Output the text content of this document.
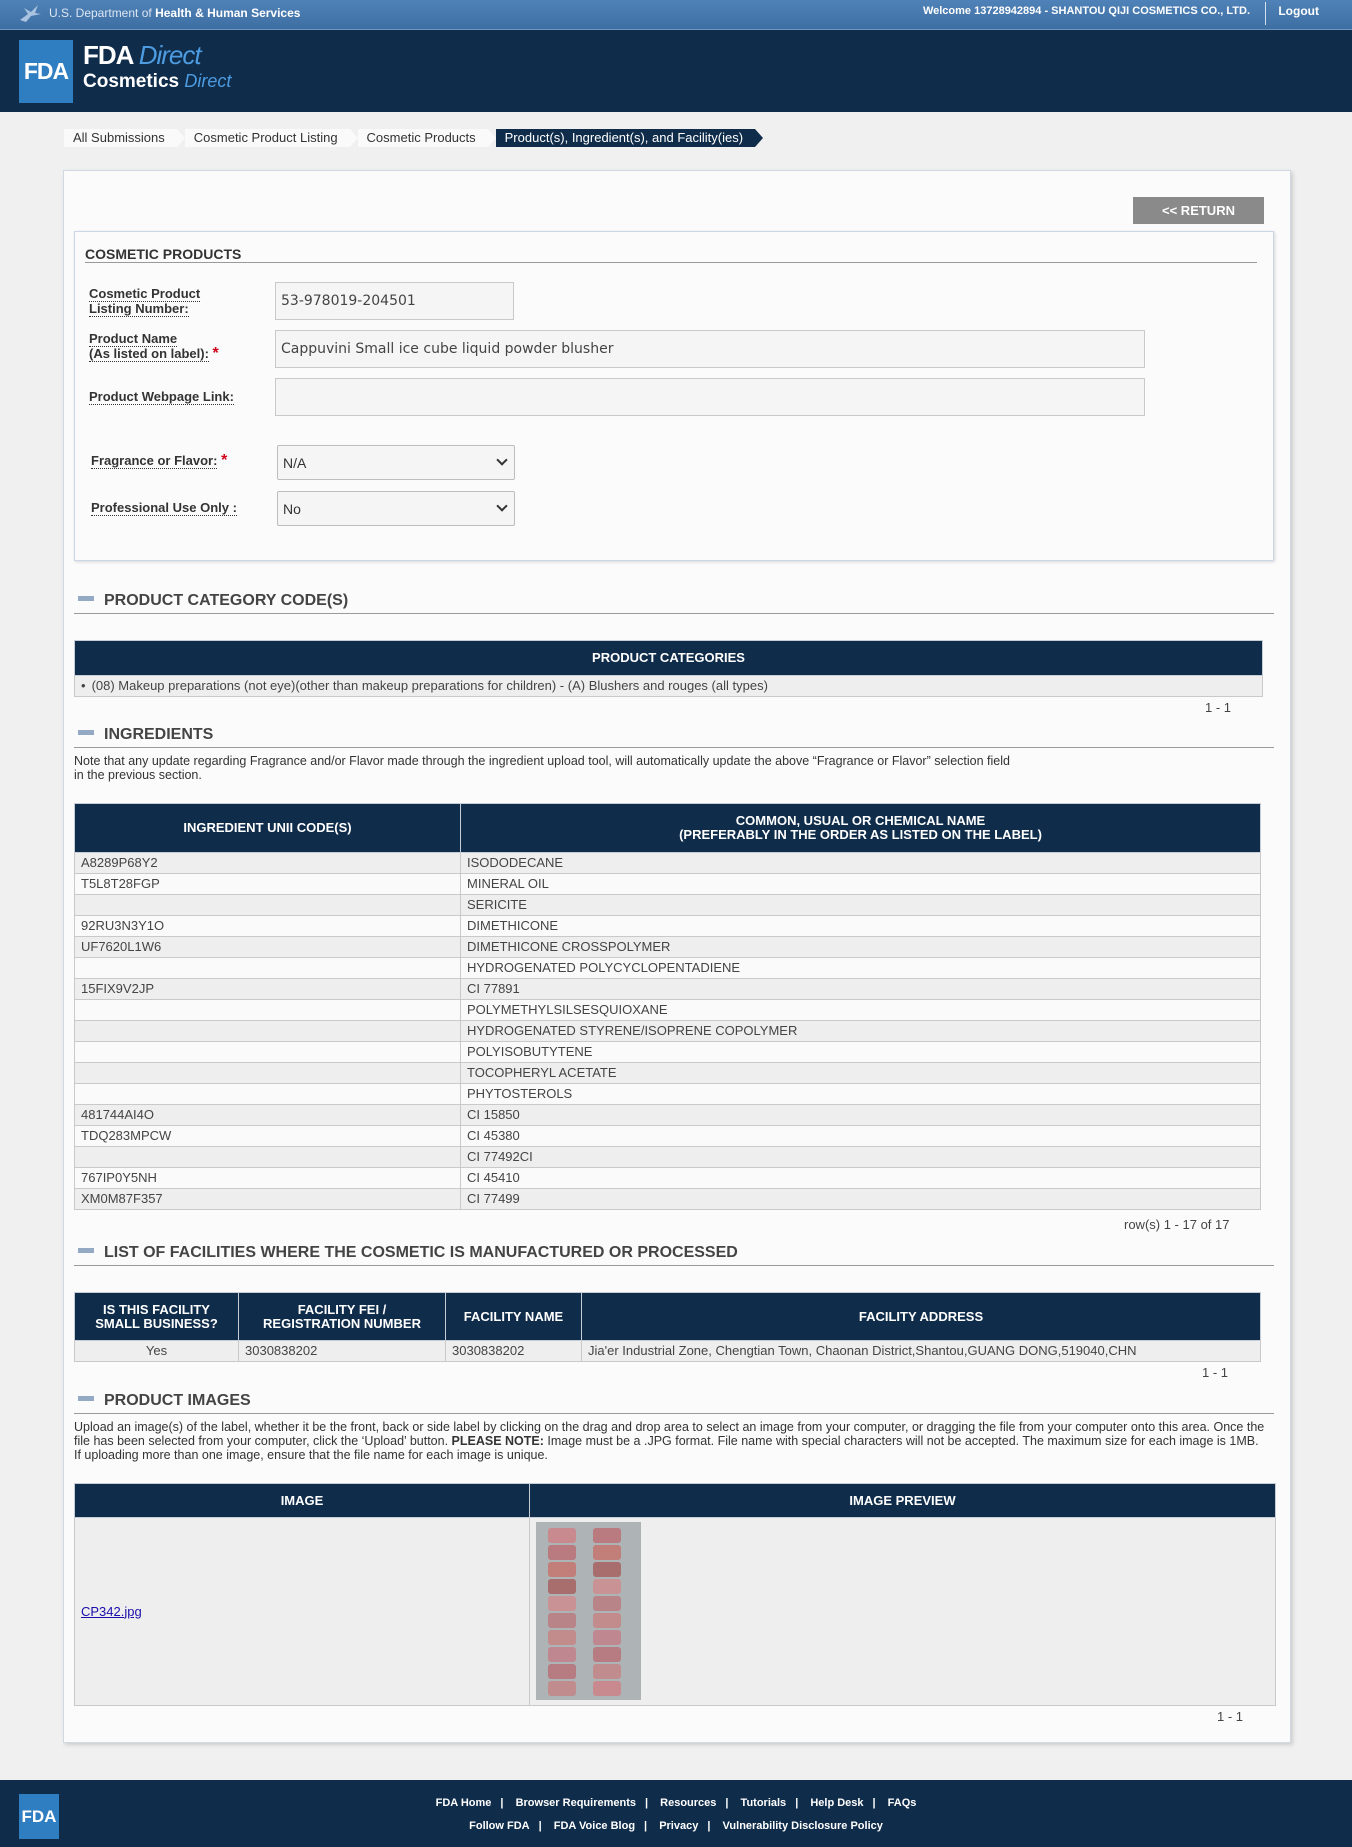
U.S. Department of Health & Human Services	Welcome 13728942894 - SHANTOU QIJI COSMETICS CO., LTD. Logout
FDA
FDA Direct
Cosmetics Direct
All Submissions	Cosmetic Product Listing	Cosmetic Products	Product(s), Ingredient(s), and Facility(ies)
<< RETURN
COSMETIC PRODUCTS
Cosmetic Product
Listing Number:	53-978019-204501
Product Name
(As listed on label): *	Cappuvini Small ice cube liquid powder blusher
Product Webpage Link:
Fragrance or Flavor: *	N/A
Professional Use Only :	No
PRODUCT CATEGORY CODE(S)
PRODUCT CATEGORIES
• (08) Makeup preparations (not eye)(other than makeup preparations for children) - (A) Blushers and rouges (all types)
1 - 1
INGREDIENTS
Note that any update regarding Fragrance and/or Flavor made through the ingredient upload tool, will automatically update the above “Fragrance or Flavor” selection field
in the previous section.
INGREDIENT UNII CODE(S)	COMMON, USUAL OR CHEMICAL NAME
(PREFERABLY IN THE ORDER AS LISTED ON THE LABEL)
A8289P68Y2	ISODODECANE
T5L8T28FGP	MINERAL OIL
	SERICITE
92RU3N3Y1O	DIMETHICONE
UF7620L1W6	DIMETHICONE CROSSPOLYMER
	HYDROGENATED POLYCYCLOPENTADIENE
15FIX9V2JP	CI 77891
	POLYMETHYLSILSESQUIOXANE
	HYDROGENATED STYRENE/ISOPRENE COPOLYMER
	POLYISOBUTYTENE
	TOCOPHERYL ACETATE
	PHYTOSTEROLS
481744AI4O	CI 15850
TDQ283MPCW	CI 45380
	CI 77492CI
767IP0Y5NH	CI 45410
XM0M87F357	CI 77499
row(s) 1 - 17 of 17
LIST OF FACILITIES WHERE THE COSMETIC IS MANUFACTURED OR PROCESSED
IS THIS FACILITY
SMALL BUSINESS?	FACILITY FEI /
REGISTRATION NUMBER	FACILITY NAME	FACILITY ADDRESS
Yes	3030838202	3030838202	Jia'er Industrial Zone, Chengtian Town, Chaonan District,Shantou,GUANG DONG,519040,CHN
1 - 1
PRODUCT IMAGES
Upload an image(s) of the label, whether it be the front, back or side label by clicking on the drag and drop area to select an image from your computer, or dragging the file from your computer onto this area. Once the
file has been selected from your computer, click the ‘Upload’ button. PLEASE NOTE: Image must be a .JPG format. File name with special characters will not be accepted. The maximum size for each image is 1MB.
If uploading more than one image, ensure that the file name for each image is unique.
IMAGE	IMAGE PREVIEW
CP342.jpg	
1 - 1
FDA
FDA Home | Browser Requirements | Resources | Tutorials | Help Desk | FAQs
Follow FDA | FDA Voice Blog | Privacy | Vulnerability Disclosure Policy
